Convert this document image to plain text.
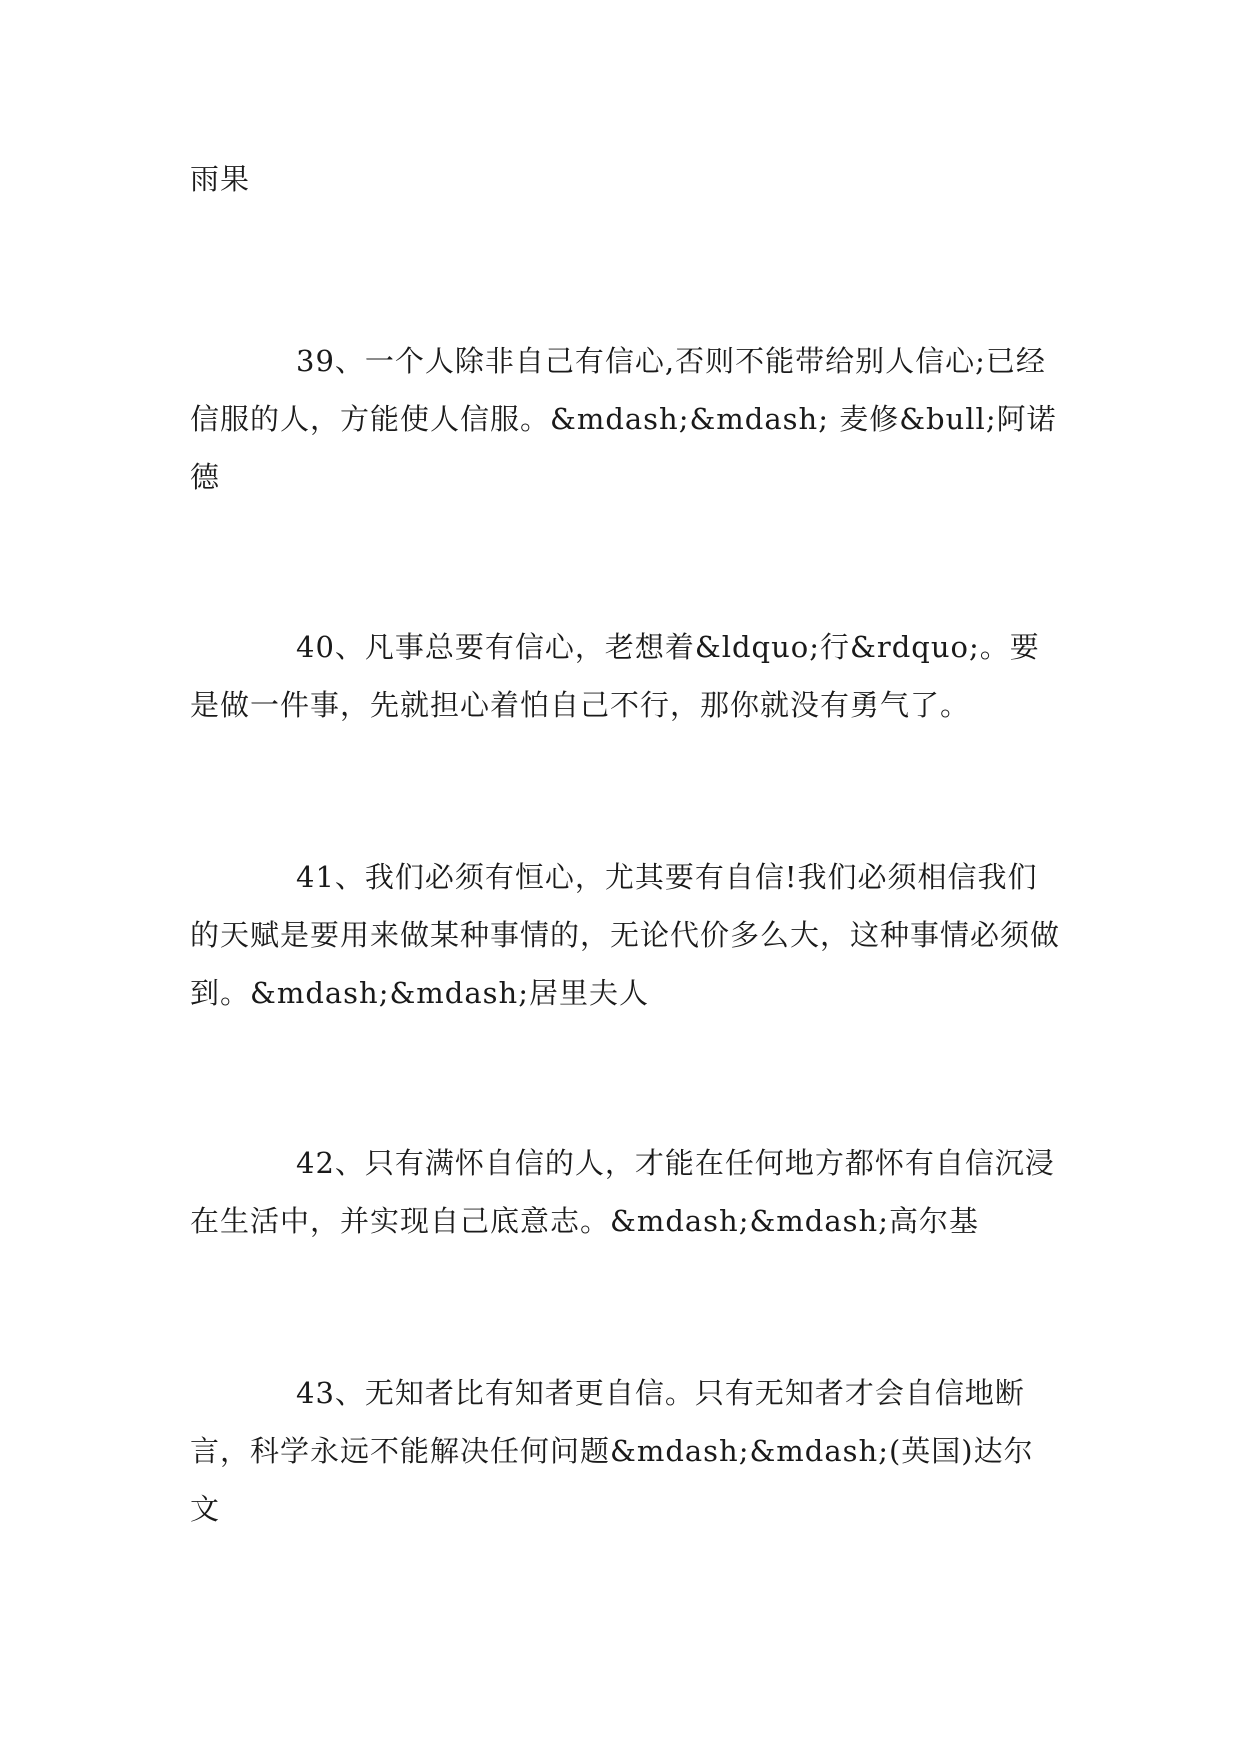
雨果

39、一个人除非自己有信心,否则不能带给别人信心;已经信服的人，方能使人信服。&mdash;&mdash; 麦修&bull;阿诺德

40、凡事总要有信心，老想着&ldquo;行&rdquo;。要是做一件事，先就担心着怕自己不行，那你就没有勇气了。

41、我们必须有恒心，尤其要有自信!我们必须相信我们的天赋是要用来做某种事情的，无论代价多么大，这种事情必须做到。&mdash;&mdash;居里夫人

42、只有满怀自信的人，才能在任何地方都怀有自信沉浸在生活中，并实现自己底意志。&mdash;&mdash;高尔基

43、无知者比有知者更自信。只有无知者才会自信地断言，科学永远不能解决任何问题&mdash;&mdash;(英国)达尔文
